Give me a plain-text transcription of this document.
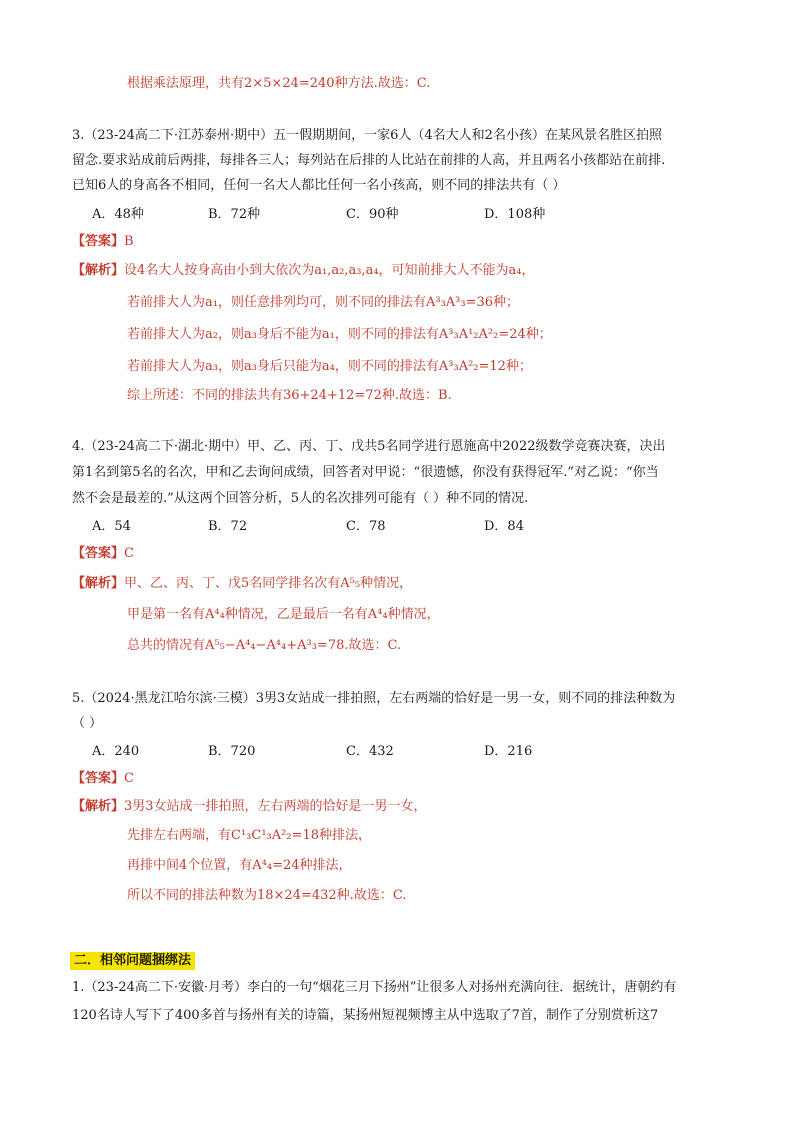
根据乘法原理，共有2×5×24=240种方法.故选：C.
3.（23-24高二下·江苏泰州·期中）五一假期期间，一家6人（4名大人和2名小孩）在某风景名胜区拍照
留念.要求站成前后两排，每排各三人；每列站在后排的人比站在前排的人高，并且两名小孩都站在前排.
已知6人的身高各不相同，任何一名大人都比任何一名小孩高，则不同的排法共有（ ）
A．48种	B．72种	C．90种	D．108种
【答案】B
【解析】设4名大人按身高由小到大依次为a₁,a₂,a₃,a₄，可知前排大人不能为a₄，
若前排大人为a₁，则任意排列均可，则不同的排法有A³₃A³₃=36种；
若前排大人为a₂，则a₃身后不能为a₁，则不同的排法有A³₃A¹₂A²₂=24种；
若前排大人为a₃，则a₃身后只能为a₄，则不同的排法有A³₃A²₂=12种；
综上所述：不同的排法共有36+24+12=72种.故选：B.
4.（23-24高二下·湖北·期中）甲、乙、丙、丁、戊共5名同学进行恩施高中2022级数学竞赛决赛，决出
第1名到第5名的名次，甲和乙去询问成绩，回答者对甲说：“很遗憾，你没有获得冠军.”对乙说：“你当
然不会是最差的.”从这两个回答分析，5人的名次排列可能有（ ）种不同的情况.
A．54	B．72	C．78	D．84
【答案】C
【解析】甲、乙、丙、丁、戊5名同学排名次有A⁵₅种情况，
甲是第一名有A⁴₄种情况，乙是最后一名有A⁴₄种情况，
总共的情况有A⁵₅−A⁴₄−A⁴₄+A³₃=78.故选：C.
5.（2024·黑龙江哈尔滨·三模）3男3女站成一排拍照，左右两端的恰好是一男一女，则不同的排法种数为
（ ）
A．240	B．720	C．432	D．216
【答案】C
【解析】3男3女站成一排拍照，左右两端的恰好是一男一女，
先排左右两端，有C¹₃C¹₃A²₂=18种排法，
再排中间4个位置，有A⁴₄=24种排法，
所以不同的排法种数为18×24=432种.故选：C.
二．相邻问题捆绑法
1.（23-24高二下·安徽·月考）李白的一句“烟花三月下扬州”让很多人对扬州充满向往．据统计，唐朝约有
120名诗人写下了400多首与扬州有关的诗篇，某扬州短视频博主从中选取了7首，制作了分别赏析这7
